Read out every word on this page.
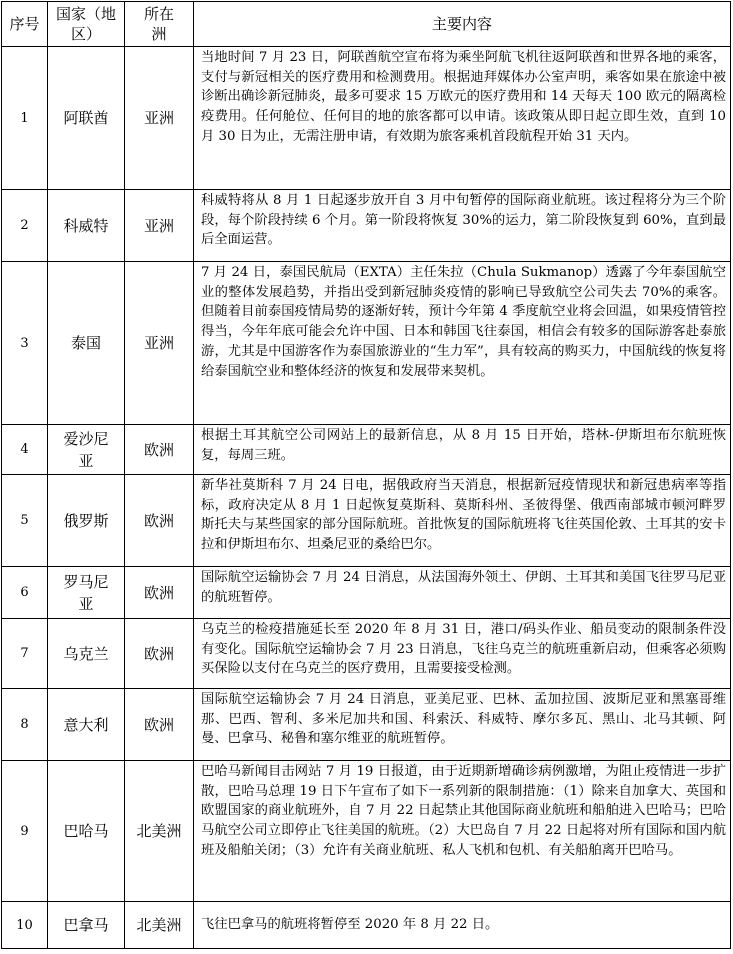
序号	国家（地区）	所在洲	主要内容
1	阿联酋	亚洲	当地时间 7 月 23 日，阿联酋航空宣布将为乘坐阿航飞机往返阿联酋和世界各地的乘客，支付与新冠相关的医疗费用和检测费用。根据迪拜媒体办公室声明，乘客如果在旅途中被诊断出确诊新冠肺炎，最多可要求 15 万欧元的医疗费用和 14 天每天 100 欧元的隔离检疫费用。任何舱位、任何目的地的旅客都可以申请。该政策从即日起立即生效，直到 10 月 30 日为止，无需注册申请，有效期为旅客乘机首段航程开始 31 天内。
2	科威特	亚洲	科威特将从 8 月 1 日起逐步放开自 3 月中旬暂停的国际商业航班。该过程将分为三个阶段，每个阶段持续 6 个月。第一阶段将恢复 30%的运力，第二阶段恢复到 60%，直到最后全面运营。
3	泰国	亚洲	7 月 24 日，泰国民航局（EXTA）主任朱拉（Chula Sukmanop）透露了今年泰国航空业的整体发展趋势，并指出受到新冠肺炎疫情的影响已导致航空公司失去 70%的乘客。但随着目前泰国疫情局势的逐渐好转，预计今年第 4 季度航空业将会回温，如果疫情管控得当，今年年底可能会允许中国、日本和韩国飞往泰国，相信会有较多的国际游客赴泰旅游，尤其是中国游客作为泰国旅游业的“生力军”，具有较高的购买力，中国航线的恢复将给泰国航空业和整体经济的恢复和发展带来契机。
4	爱沙尼亚	欧洲	根据土耳其航空公司网站上的最新信息，从 8 月 15 日开始，塔林-伊斯坦布尔航班恢复，每周三班。
5	俄罗斯	欧洲	新华社莫斯科 7 月 24 日电，据俄政府当天消息，根据新冠疫情现状和新冠患病率等指标，政府决定从 8 月 1 日起恢复莫斯科、莫斯科州、圣彼得堡、俄西南部城市顿河畔罗斯托夫与某些国家的部分国际航班。首批恢复的国际航班将飞往英国伦敦、土耳其的安卡拉和伊斯坦布尔、坦桑尼亚的桑给巴尔。
6	罗马尼亚	欧洲	国际航空运输协会 7 月 24 日消息，从法国海外领土、伊朗、土耳其和美国飞往罗马尼亚的航班暂停。
7	乌克兰	欧洲	乌克兰的检疫措施延长至 2020 年 8 月 31 日，港口/码头作业、船员变动的限制条件没有变化。国际航空运输协会 7 月 23 日消息，飞往乌克兰的航班重新启动，但乘客必须购买保险以支付在乌克兰的医疗费用，且需要接受检测。
8	意大利	欧洲	国际航空运输协会 7 月 24 日消息，亚美尼亚、巴林、孟加拉国、波斯尼亚和黑塞哥维那、巴西、智利、多米尼加共和国、科索沃、科威特、摩尔多瓦、黑山、北马其顿、阿曼、巴拿马、秘鲁和塞尔维亚的航班暂停。
9	巴哈马	北美洲	巴哈马新闻目击网站 7 月 19 日报道，由于近期新增确诊病例激增，为阻止疫情进一步扩散，巴哈马总理 19 日下午宣布了如下一系列新的限制措施：（1）除来自加拿大、英国和欧盟国家的商业航班外，自 7 月 22 日起禁止其他国际商业航班和船舶进入巴哈马；巴哈马航空公司立即停止飞往美国的航班。（2）大巴岛自 7 月 22 日起将对所有国际和国内航班及船舶关闭；（3）允许有关商业航班、私人飞机和包机、有关船舶离开巴哈马。
10	巴拿马	北美洲	飞往巴拿马的航班将暂停至 2020 年 8 月 22 日。
